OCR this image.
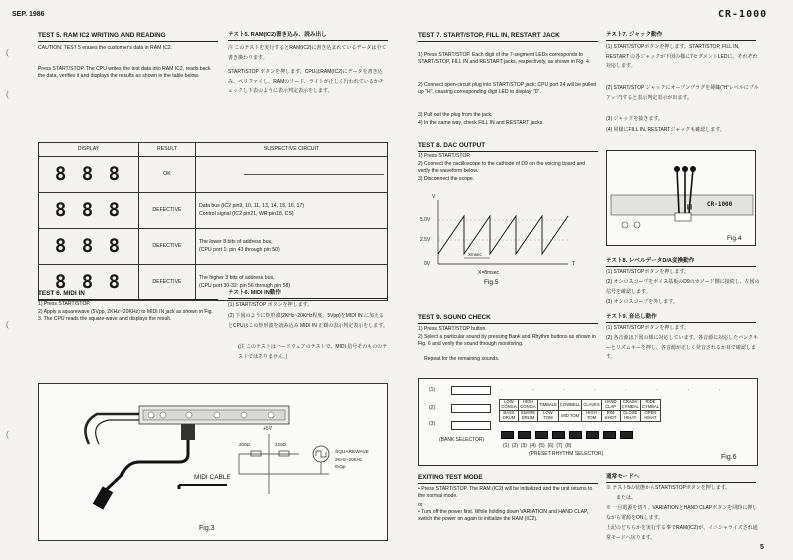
SEP. 1986	CR-1000
5
(
(
(
(
TEST 5. RAM IC2 WRITING AND READING
CAUTION: TEST 5 erases the customer's data in RAM IC2.
Press START/STOP. The CPU writes the test data into RAM IC2, reads back the data, verifies it and displays the results as shown in the table below.
テスト5. RAM(IC2)書き込み、読み出し
注 このテストを実行するとRAM(IC2)に書き込まれているデータは全て書き換わります。
START/STOP ボタンを押します。CPUはRAM(IC2)にデータを書き込み、ベリファイし、RAMのリード、ライトが正しく行われているかチェックし下表のように表示判定表示をします。
DISPLAY	RESULT	SUSPECTIVE CIRCUIT
8 8 8	OK	

8 8 8	DEFECTIVE	Data bus (IC2 pin9, 10, 11, 13, 14, 15, 16, 17)
Control signal (IC2 pin21, WR:pin18, CS)

8 8 8	DEFECTIVE	The lower 8 bits of address bus,
(CPU port 1: pin 43 through pin 50)

8 8 8	DEFECTIVE	The higher 3 bits of address bus,
(CPU port 30-32: pin 56 through pin 58)
TEST 6. MIDI IN
1) Press START/STOP.
2) Apply a squarewave (5Vpp, 2KHz~20KHz) to MIDI IN jack as shown in Fig. 3. The CPU reads the square-wave and displays the result.
テスト6. MIDI IN動作
(1) START/STOP ボタンを押します。
(2) 下図のように矩形波(2KHz~20KHz程度、5Vpp)をMIDI IN に加えるとCPUはこの矩形波を読み込み MIDI IN 正観の表示判定表示をします。
(注 このテストはハードウェアのテストで、MIDI 信号そのもののテストではありません。)
+5V
200Ω	220Ω
SQUAREWAVE
2KHz~20KHz
5Vpp
MIDI CABLE
Fig.3
TEST 7. START/STOP, FILL IN, RESTART JACK
1) Press START/STOP. Each digit of the 7-segment LEDs corresponds to START/STOP, FILL IN and RESTART jacks, respectively, as shown in Fig. 4.
2) Connect open-circuit plug into START/STOP jack; CPU port 24 will be pulled up "H", causing corresponding digit LED to display "0".
3) Pull out the plug from the jack.
4) In the same way, check FILL IN and RESTART jacks.
テスト7. ジャック動作
(1) START/STOPボタンを押します。START/STOP, FILL IN, RESTART の各ジャックが下図の様に7セグメントLEDに、それぞれ対応します。
(2) START/STOP ジャックにオープンプラグを挿織("H"レベルにプルアップ)すると表示判定表示が出ます。
(3) ジャックを抜きます。
(4) 同様にFILL IN, RESTARTジャックも確認します。
▤	CR-1000
Fig.4
TEST 8. DAC OUTPUT
1) Press START/STOP.
2) Connect the oscilloscope to the cathode of D9 on the voicing board and verify the waveform below.
3) Disconnect the scope.
V
5.0V
2.5V
0V	T
Xmsec
X=8msec
Fig.5
テスト8. レベルデータD/A変換動作
(1) START/STOPボタンを押します。
(2) オシロスコープをボイス基板のD9のカソード側に接続し、左図の信号を確認します。
(3) オシロスコープを外します。
TEST 9. SOUND CHECK
1) Press START/STOP button.
2) Select a particular sound by pressing Bank and Rhythm buttons as shown in Fig. 6 and verify the sound through monitoring.
Repeat for the remaining sounds.
テスト9. 音出し動作
(1) START/STOPボタンを押します。
(2) 各音源は下図の様に対応しています。各音源に対応したバンクキーとリズムキーを押し、各音源が正しく発音されるか耳で確認します。
(1)
(2)
(3)
(BANK SELECTOR)
· · · · · · · ·
LOW CONGA	HIGH CONGA	TIMBALE	COWBELL	CLAVES	HAND CLAP	CRASH CYMBAL	RIDE CYMBAL
BASS DRUM	SNARE DRUM	LOW TOM	MID TOM	HIGH TOM	RIM SHOT	CLOSE HIHAT	OPEN HIHAT
(1)  (2)  (3)  (4)  (5)  (6)  (7)  (8)
(PRESET RHYTHM SELECTOR)	Fig.6
EXITING TEST MODE
• Press START/STOP. The RAM (IC2) will be initialized and the unit returns to the normal mode.
or
• Turn off the power first. While holding down VARIATION and HAND CLAP, switch the power on again to initialize the RAM (IC2).
通常モードへ
※ テスト5の状態からSTART/STOPボタンを押します。
または、
※ 一旦電源を切り、VARIATIONとHAND CLAPボタンを同時に押しながら電源をONします。
上記のどちらかを実行する事でRAM(IC2)が、イニシャライズされ通常モードへ戻ります。
